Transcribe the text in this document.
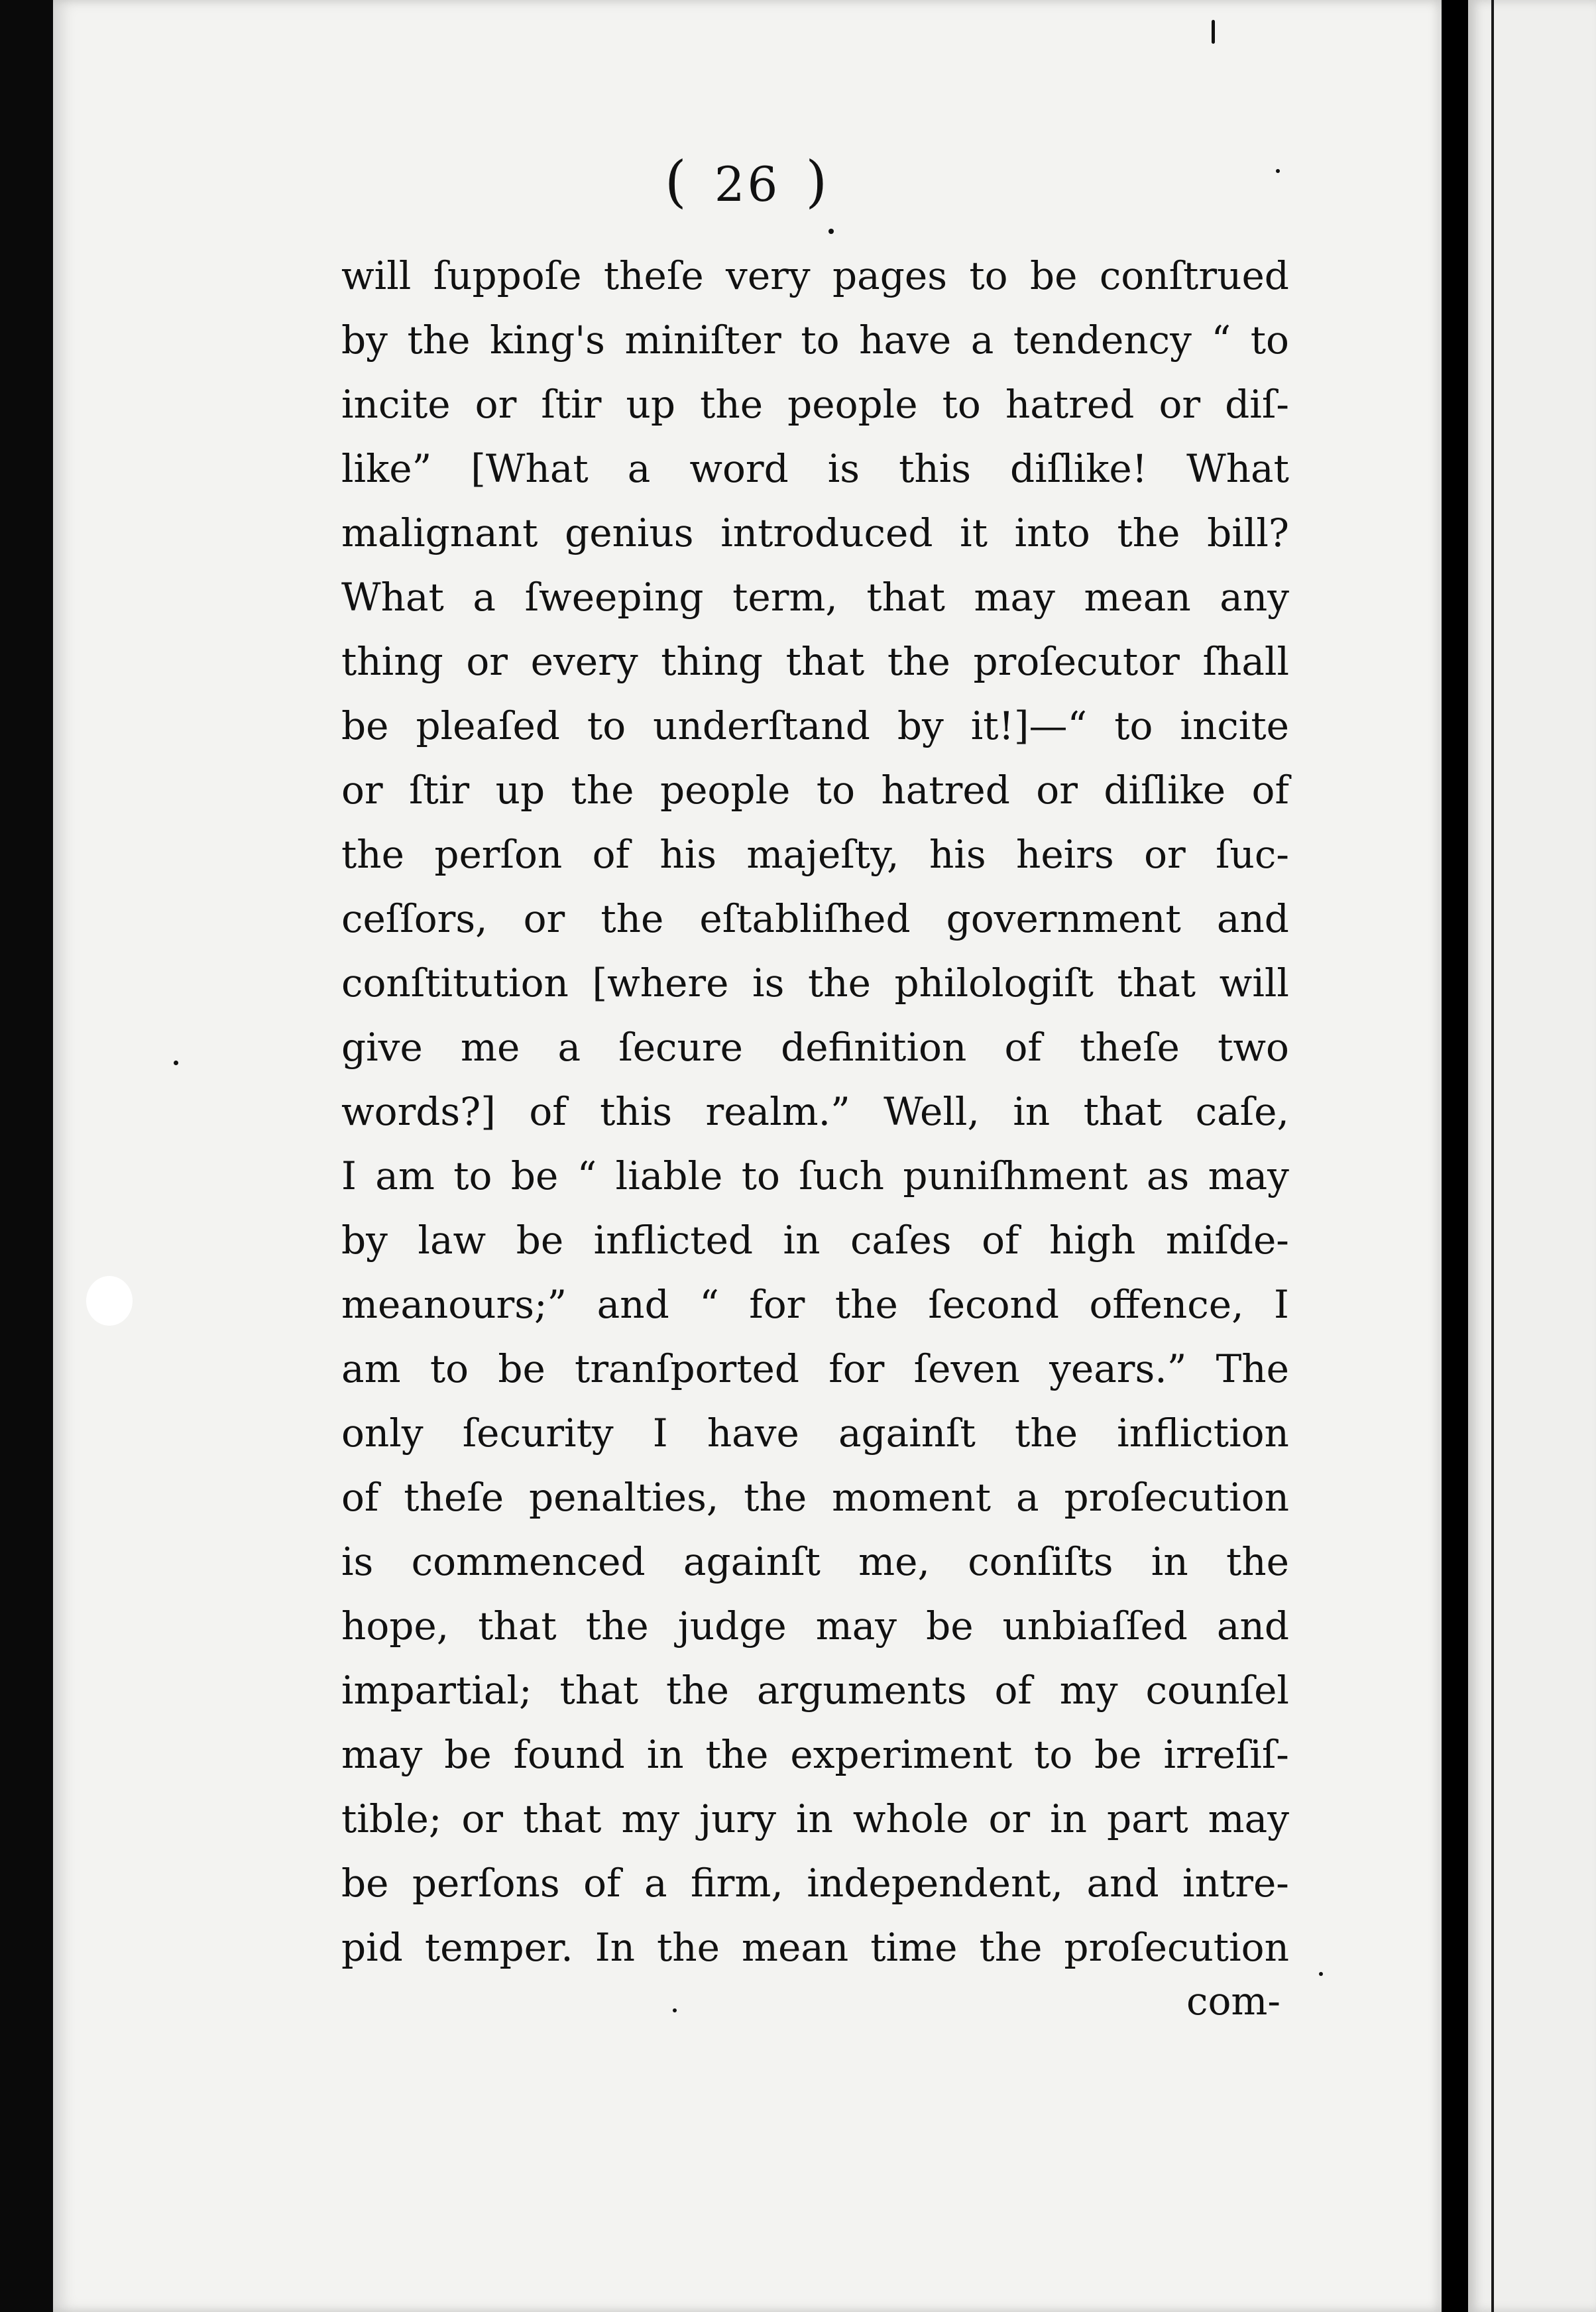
( 26 )
will ſuppoſe theſe very pages to be conſtrued
by the king's miniſter to have a tendency “ to
incite or ſtir up the people to hatred or diſ-
like” [What a word is this diſlike! What
malignant genius introduced it into the bill?
What a ſweeping term, that may mean any
thing or every thing that the proſecutor ſhall
be pleaſed to underſtand by it!]—“ to incite
or ſtir up the people to hatred or diſlike of
the perſon of his majeſty, his heirs or ſuc-
ceſſors, or the eſtabliſhed government and
conſtitution [where is the philologiſt that will
give me a ſecure definition of theſe two
words?] of this realm.” Well, in that caſe,
I am to be “ liable to ſuch puniſhment as may
by law be inflicted in caſes of high miſde-
meanours;” and “ for the ſecond offence, I
am to be tranſported for ſeven years.” The
only ſecurity I have againſt the infliction
of theſe penalties, the moment a proſecution
is commenced againſt me, conſiſts in the
hope, that the judge may be unbiaſſed and
impartial; that the arguments of my counſel
may be found in the experiment to be irreſiſ-
tible; or that my jury in whole or in part may
be perſons of a firm, independent, and intre-
pid temper. In the mean time the proſecution
com-
